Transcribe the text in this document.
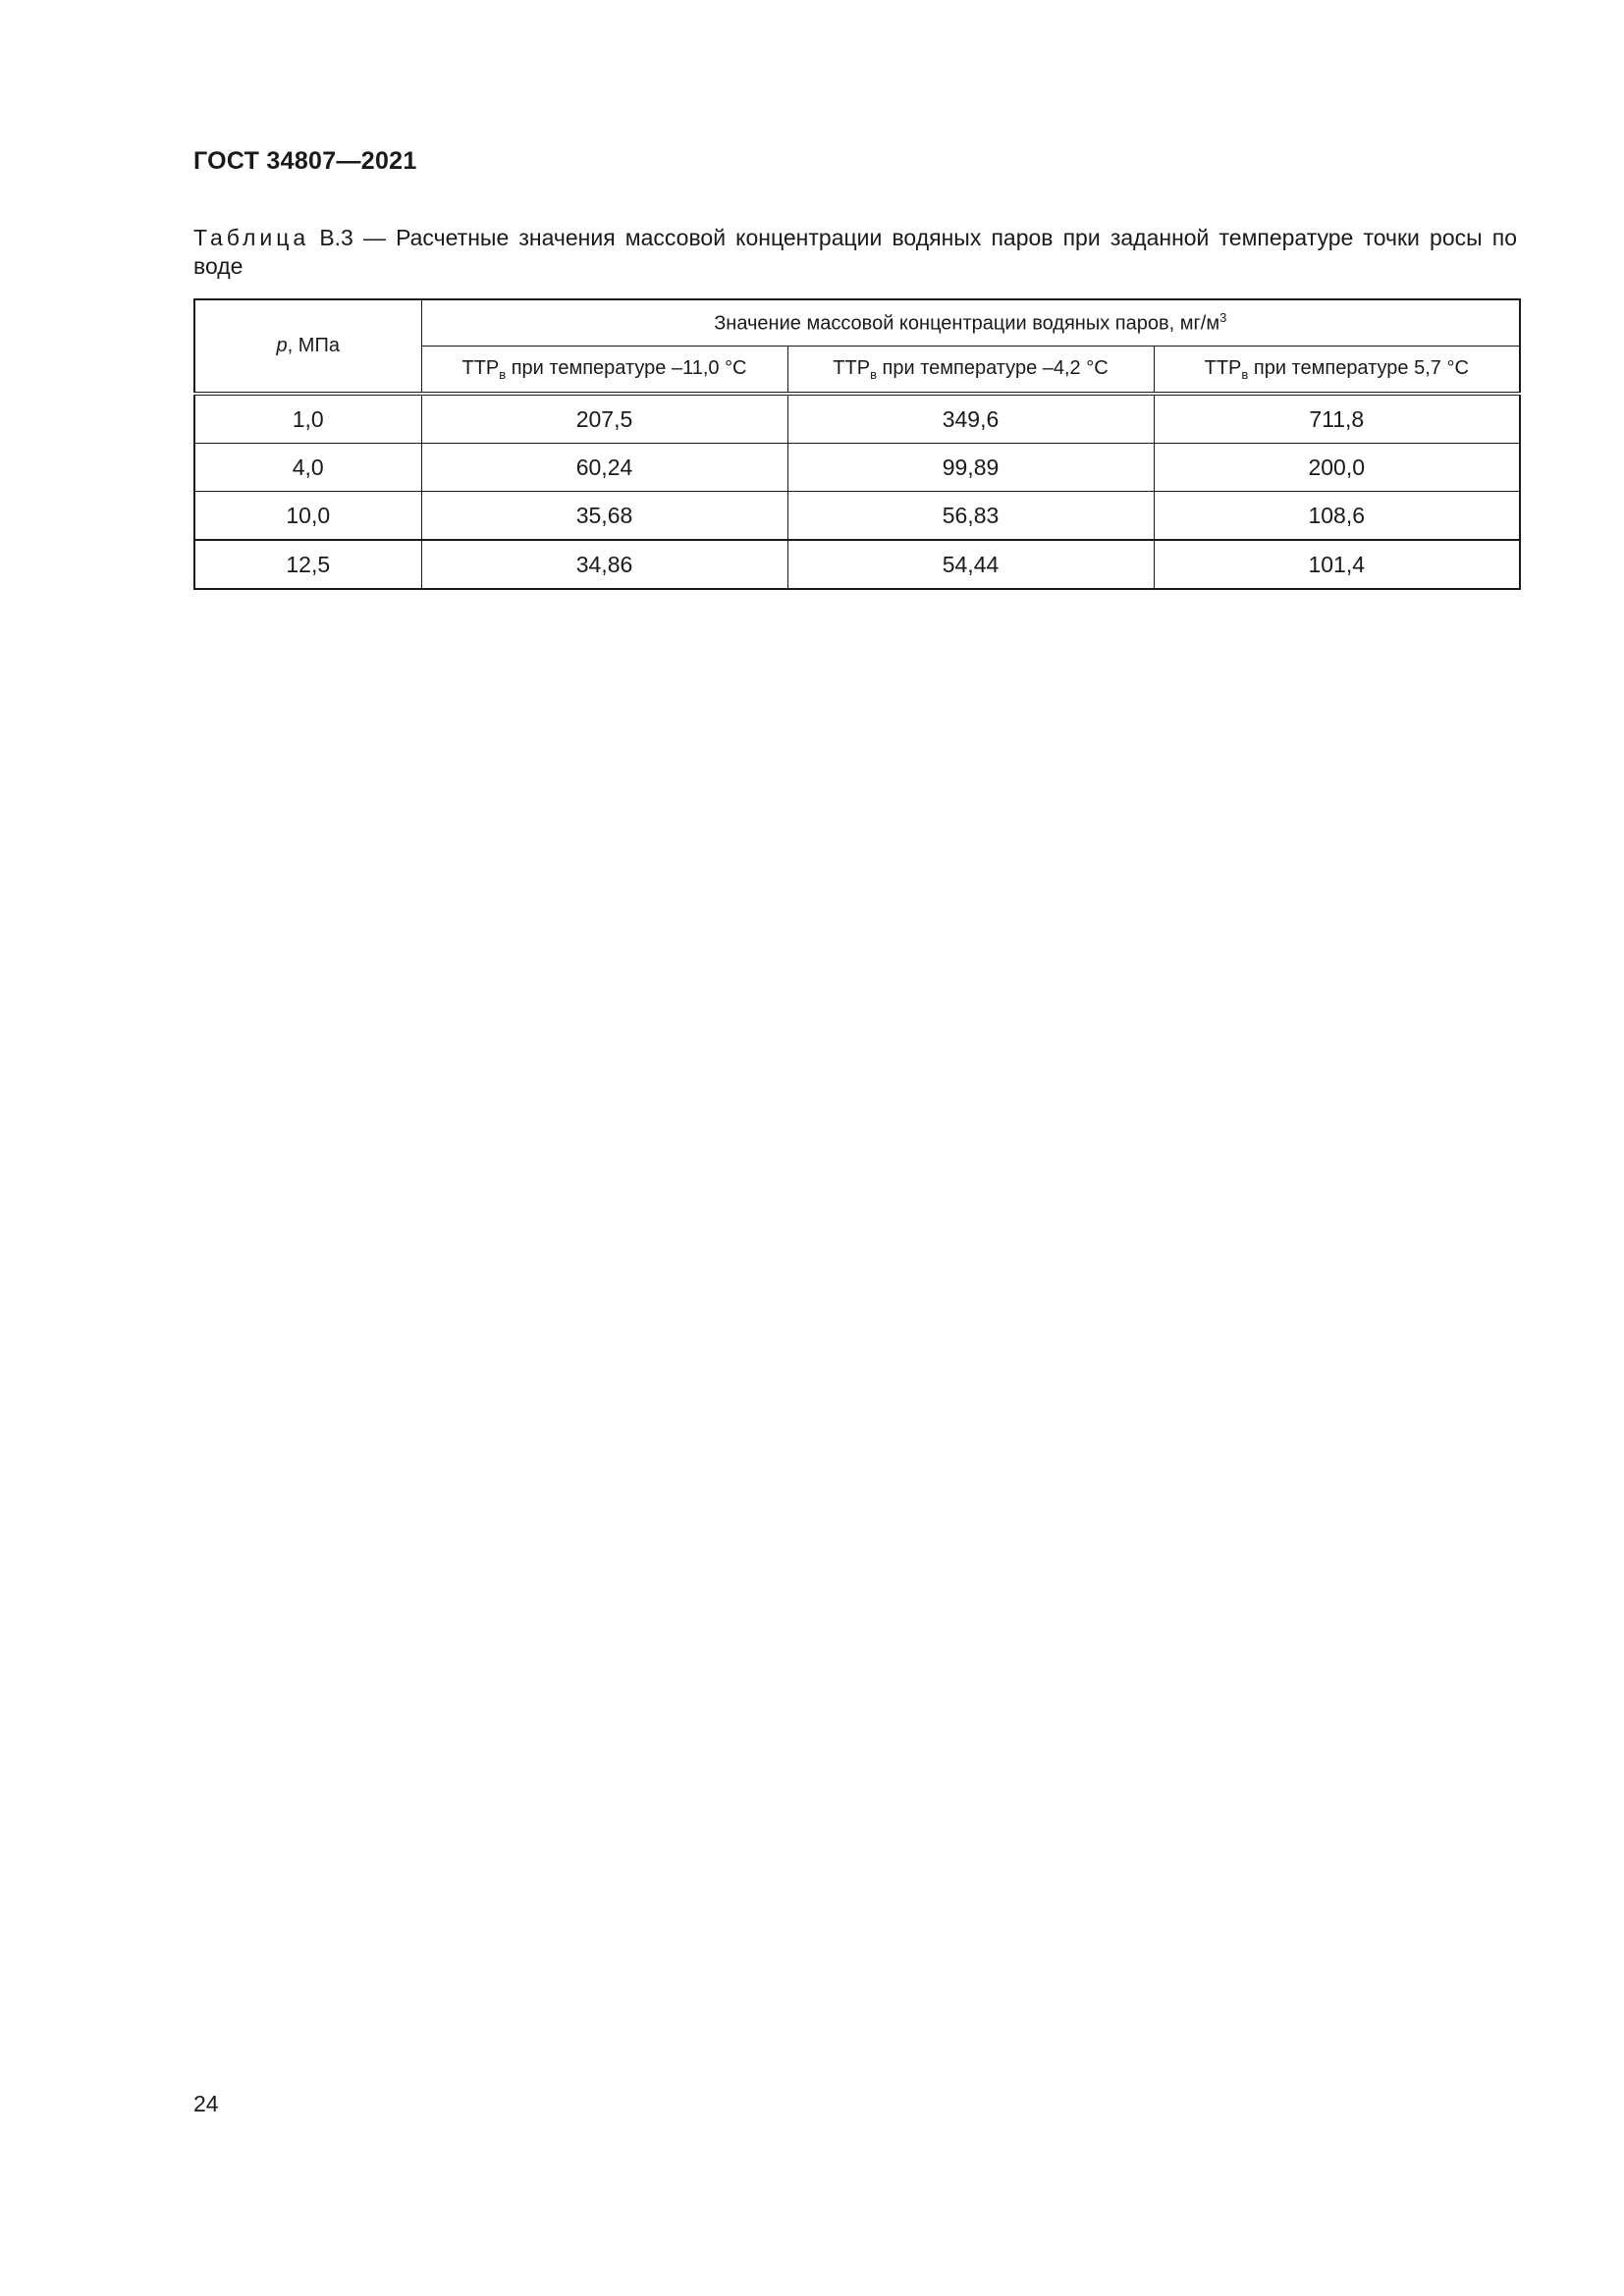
ГОСТ 34807—2021
Таблица В.3 — Расчетные значения массовой концентрации водяных паров при заданной температуре точки росы по воде
p, МПа	Значение массовой концентрации водяных паров, $мг/м^3$
	$ТТР_в$ при температуре –11,0 °С	$ТТР_в$ при температуре –4,2 °С	$ТТР_в$ при температуре 5,7 °С
1,0	207,5	349,6	711,8
4,0	60,24	99,89	200,0
10,0	35,68	56,83	108,6
12,5	34,86	54,44	101,4
24
